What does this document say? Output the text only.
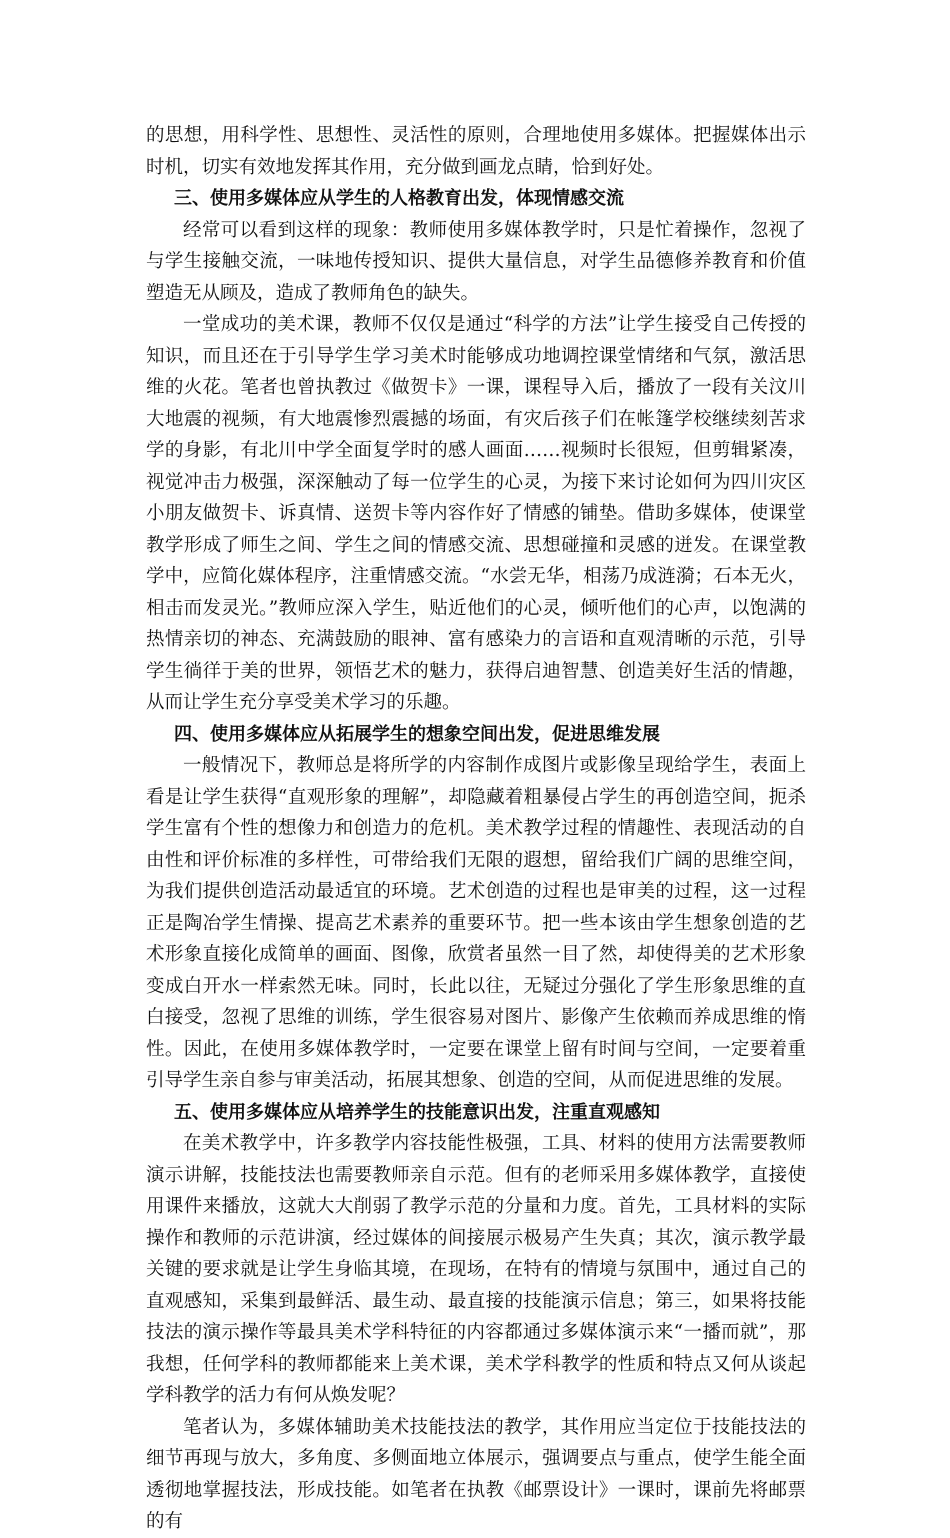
的思想，用科学性、思想性、灵活性的原则，合理地使用多媒体。把握媒体出示时机，切实有效地发挥其作用，充分做到画龙点睛，恰到好处。

三、使用多媒体应从学生的人格教育出发，体现情感交流

经常可以看到这样的现象：教师使用多媒体教学时，只是忙着操作，忽视了与学生接触交流，一味地传授知识、提供大量信息，对学生品德修养教育和价值塑造无从顾及，造成了教师角色的缺失。

一堂成功的美术课，教师不仅仅是通过“科学的方法”让学生接受自己传授的知识，而且还在于引导学生学习美术时能够成功地调控课堂情绪和气氛，激活思维的火花。笔者也曾执教过《做贺卡》一课，课程导入后，播放了一段有关汶川大地震的视频，有大地震惨烈震撼的场面，有灾后孩子们在帐篷学校继续刻苦求学的身影，有北川中学全面复学时的感人画面……视频时长很短，但剪辑紧凑，视觉冲击力极强，深深触动了每一位学生的心灵，为接下来讨论如何为四川灾区小朋友做贺卡、诉真情、送贺卡等内容作好了情感的铺垫。借助多媒体，使课堂教学形成了师生之间、学生之间的情感交流、思想碰撞和灵感的迸发。在课堂教学中，应简化媒体程序，注重情感交流。“水尝无华，相荡乃成涟漪；石本无火，相击而发灵光。”教师应深入学生，贴近他们的心灵，倾听他们的心声，以饱满的热情亲切的神态、充满鼓励的眼神、富有感染力的言语和直观清晰的示范，引导学生徜徉于美的世界，领悟艺术的魅力，获得启迪智慧、创造美好生活的情趣，从而让学生充分享受美术学习的乐趣。

四、使用多媒体应从拓展学生的想象空间出发，促进思维发展

一般情况下，教师总是将所学的内容制作成图片或影像呈现给学生，表面上看是让学生获得“直观形象的理解”，却隐藏着粗暴侵占学生的再创造空间，扼杀学生富有个性的想像力和创造力的危机。美术教学过程的情趣性、表现活动的自由性和评价标准的多样性，可带给我们无限的遐想，留给我们广阔的思维空间，为我们提供创造活动最适宜的环境。艺术创造的过程也是审美的过程，这一过程正是陶冶学生情操、提高艺术素养的重要环节。把一些本该由学生想象创造的艺术形象直接化成简单的画面、图像，欣赏者虽然一目了然，却使得美的艺术形象变成白开水一样索然无味。同时，长此以往，无疑过分强化了学生形象思维的直白接受，忽视了思维的训练，学生很容易对图片、影像产生依赖而养成思维的惰性。因此，在使用多媒体教学时，一定要在课堂上留有时间与空间，一定要着重引导学生亲自参与审美活动，拓展其想象、创造的空间，从而促进思维的发展。

五、使用多媒体应从培养学生的技能意识出发，注重直观感知

在美术教学中，许多教学内容技能性极强，工具、材料的使用方法需要教师演示讲解，技能技法也需要教师亲自示范。但有的老师采用多媒体教学，直接使用课件来播放，这就大大削弱了教学示范的分量和力度。首先，工具材料的实际操作和教师的示范讲演，经过媒体的间接展示极易产生失真；其次，演示教学最关键的要求就是让学生身临其境，在现场，在特有的情境与氛围中，通过自己的直观感知，采集到最鲜活、最生动、最直接的技能演示信息；第三，如果将技能技法的演示操作等最具美术学科特征的内容都通过多媒体演示来“一播而就”，那我想，任何学科的教师都能来上美术课，美术学科教学的性质和特点又何从谈起学科教学的活力有何从焕发呢？

笔者认为，多媒体辅助美术技能技法的教学，其作用应当定位于技能技法的细节再现与放大，多角度、多侧面地立体展示，强调要点与重点，使学生能全面透彻地掌握技法，形成技能。如笔者在执教《邮票设计》一课时，课前先将邮票的有
